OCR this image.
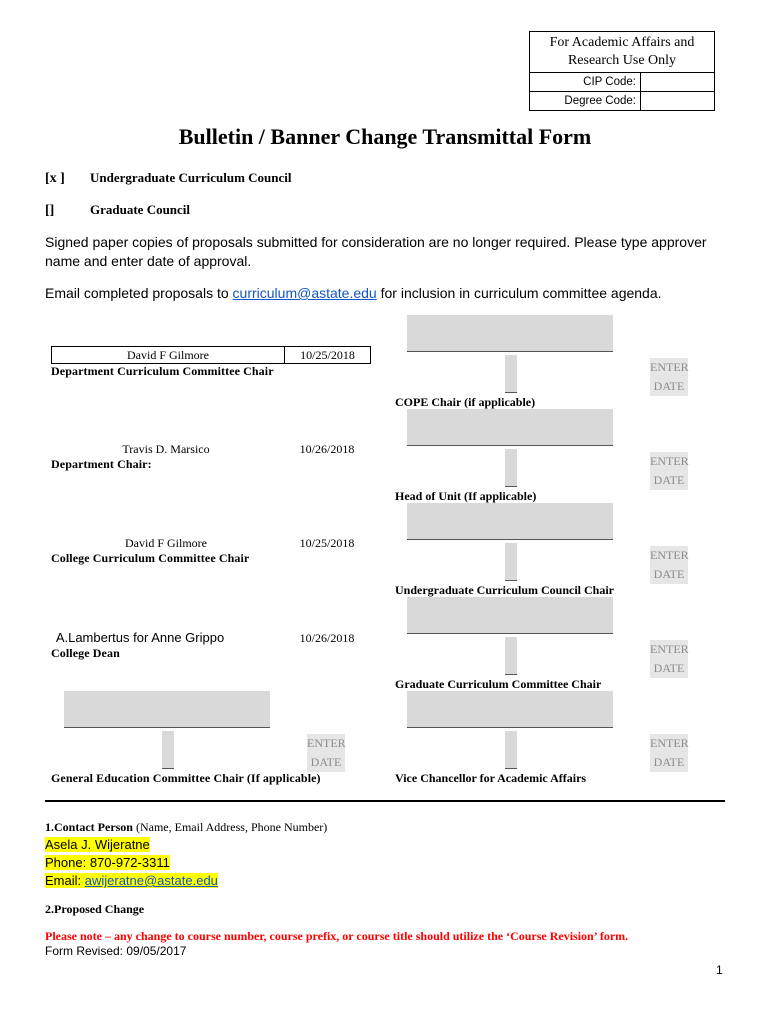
For Academic Affairs and Research Use Only
CIP Code:
Degree Code:
Bulletin / Banner Change Transmittal Form
[x ] Undergraduate Curriculum Council
[]	Graduate Council
Signed paper copies of proposals submitted for consideration are no longer required. Please type approver name and enter date of approval.
Email completed proposals to curriculum@astate.edu for inclusion in curriculum committee agenda.
David F Gilmore	10/25/2018
Department Curriculum Committee Chair
Travis D. Marsico	10/26/2018
Department Chair:
David F Gilmore	10/25/2018
College Curriculum Committee Chair
A.Lambertus for Anne Grippo	10/26/2018
College Dean
ENTER DATE
General Education Committee Chair (If applicable)
ENTER DATE
COPE Chair (if applicable)
ENTER DATE
Head of Unit (If applicable)
ENTER DATE
Undergraduate Curriculum Council Chair
ENTER DATE
Graduate Curriculum Committee Chair
ENTER DATE
Vice Chancellor for Academic Affairs
1.Contact Person (Name, Email Address, Phone Number)
Asela J. Wijeratne
Phone: 870-972-3311
Email: awijeratne@astate.edu
2.Proposed Change
Please note – any change to course number, course prefix, or course title should utilize the ‘Course Revision’ form.
Form Revised: 09/05/2017
1
